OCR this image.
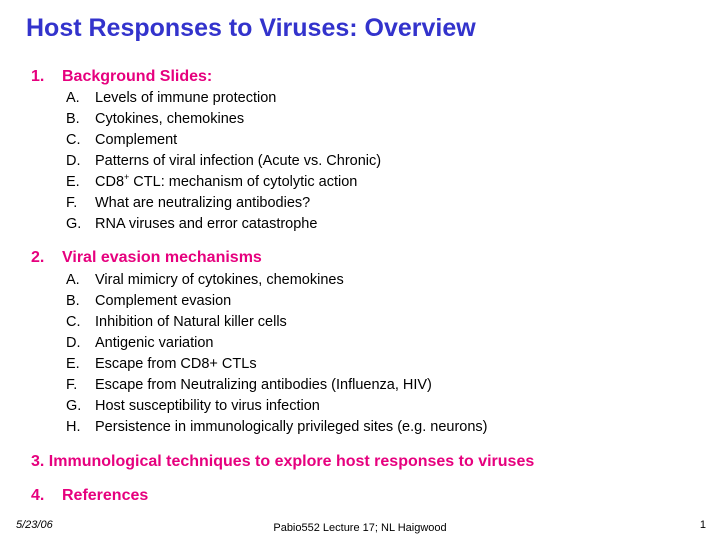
Host Responses to Viruses: Overview
1. Background Slides:
A. Levels of immune protection
B. Cytokines, chemokines
C. Complement
D. Patterns of viral infection (Acute vs. Chronic)
E. CD8+ CTL: mechanism of cytolytic action
F. What are neutralizing antibodies?
G. RNA viruses and error catastrophe
2. Viral evasion mechanisms
A. Viral mimicry of cytokines, chemokines
B. Complement evasion
C. Inhibition of Natural killer cells
D. Antigenic variation
E. Escape from CD8+ CTLs
F. Escape from Neutralizing antibodies (Influenza, HIV)
G. Host susceptibility to virus infection
H. Persistence in immunologically privileged sites (e.g. neurons)
3. Immunological techniques to explore host responses to viruses
4. References
5/23/06	Pabio552 Lecture 17; NL Haigwood	1
